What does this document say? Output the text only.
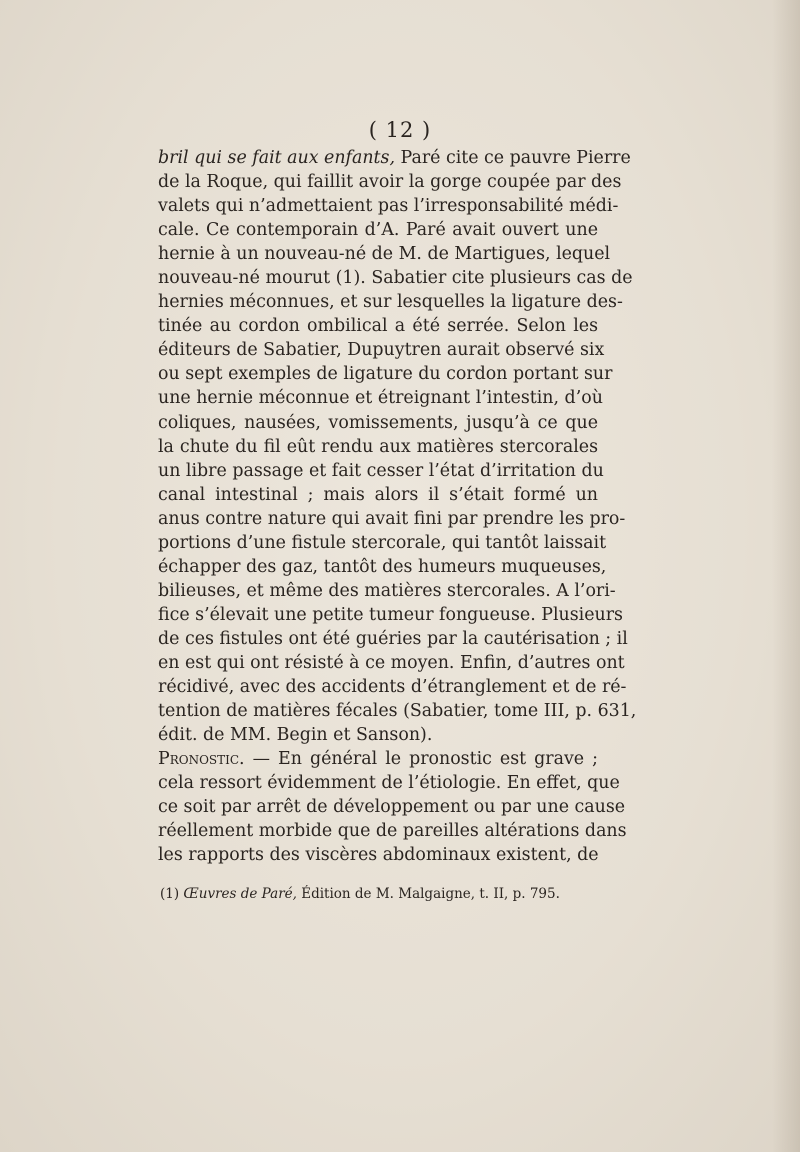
( 12 )
bril qui se fait aux enfants, Paré cite ce pauvre Pierre
de la Roque, qui faillit avoir la gorge coupée par des
valets qui n’admettaient pas l’irresponsabilité médi-
cale. Ce contemporain d’A. Paré avait ouvert une
hernie à un nouveau-né de M. de Martigues, lequel
nouveau-né mourut (1). Sabatier cite plusieurs cas de
hernies méconnues, et sur lesquelles la ligature des-
tinée au cordon ombilical a été serrée. Selon les
éditeurs de Sabatier, Dupuytren aurait observé six
ou sept exemples de ligature du cordon portant sur
une hernie méconnue et étreignant l’intestin, d’où
coliques, nausées, vomissements, jusqu’à ce que
la chute du fil eût rendu aux matières stercorales
un libre passage et fait cesser l’état d’irritation du
canal intestinal ; mais alors il s’était formé un
anus contre nature qui avait fini par prendre les pro-
portions d’une fistule stercorale, qui tantôt laissait
échapper des gaz, tantôt des humeurs muqueuses,
bilieuses, et même des matières stercorales. A l’ori-
fice s’élevait une petite tumeur fongueuse. Plusieurs
de ces fistules ont été guéries par la cautérisation ; il
en est qui ont résisté à ce moyen. Enfin, d’autres ont
récidivé, avec des accidents d’étranglement et de ré-
tention de matières fécales (Sabatier, tome III, p. 631,
édit. de MM. Begin et Sanson).
Pronostic. — En général le pronostic est grave ;
cela ressort évidemment de l’étiologie. En effet, que
ce soit par arrêt de développement ou par une cause
réellement morbide que de pareilles altérations dans
les rapports des viscères abdominaux existent, de
(1) Œuvres de Paré, Édition de M. Malgaigne, t. II, p. 795.
